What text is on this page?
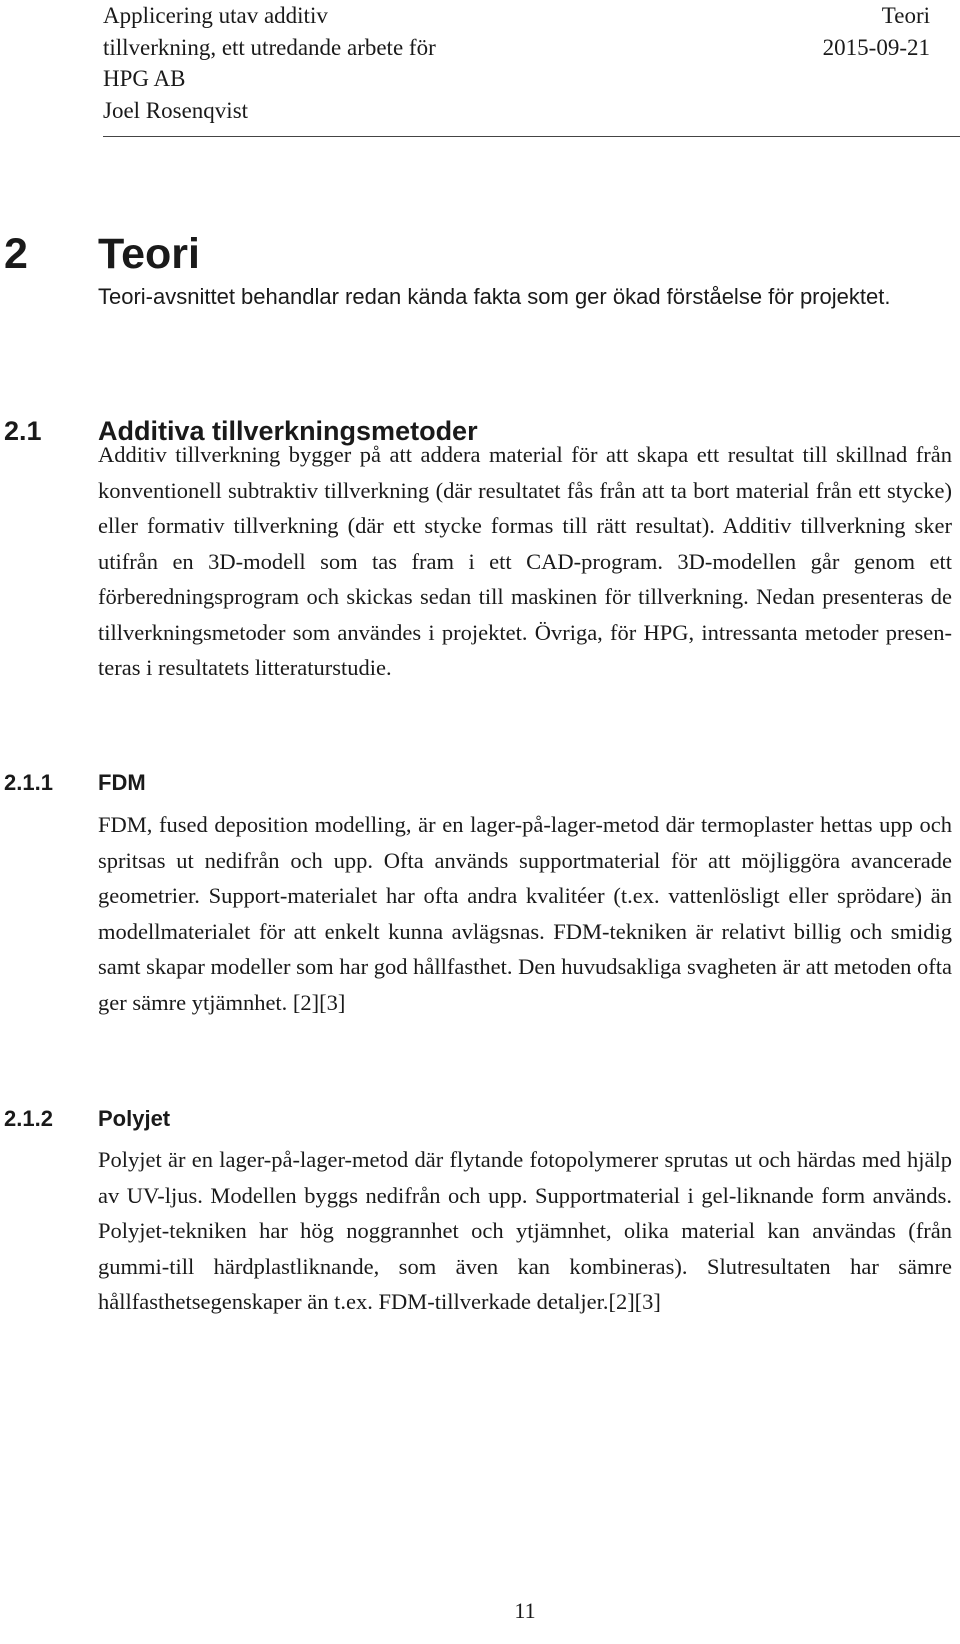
Applicering utav additiv
tillverkning, ett utredande arbete för
HPG AB
Joel Rosenqvist
Teori
2015-09-21
2 Teori

Teori-avsnittet behandlar redan kända fakta som ger ökad förståelse för projektet.

2.1 Additiva tillverkningsmetoder

Additiv tillverkning bygger på att addera material för att skapa ett resultat till skillnad från konventionell subtraktiv tillverkning (där resultatet fås från att ta bort material från ett stycke) eller formativ tillverkning (där ett stycke formas till rätt resultat). Additiv tillverkning sker utifrån en 3D-modell som tas fram i ett CAD-program. 3D-modellen går genom ett förberedningsprogram och skickas sedan till maskinen för tillverkning. Nedan presenteras de tillverkningsmetoder som användes i projektet. Övriga, för HPG, intressanta metoder presen-teras i resultatets litteraturstudie.

2.1.1 FDM

FDM, fused deposition modelling, är en lager-på-lager-metod där termoplaster hettas upp och spritsas ut nedifrån och upp. Ofta används supportmaterial för att möjliggöra avancerade geometrier. Support-materialet har ofta andra kvalitéer (t.ex. vattenlösligt eller sprödare) än modellmaterialet för att enkelt kunna avlägsnas. FDM-tekniken är relativt billig och smidig samt skapar modeller som har god hållfasthet. Den huvudsakliga svagheten är att metoden ofta ger sämre ytjämnhet. [2][3]

2.1.2 Polyjet

Polyjet är en lager-på-lager-metod där flytande fotopolymerer sprutas ut och härdas med hjälp av UV-ljus. Modellen byggs nedifrån och upp. Supportmaterial i gel-liknande form används. Polyjet-tekniken har hög noggrannhet och ytjämnhet, olika material kan användas (från gummi-till härdplastliknande, som även kan kombineras). Slutresultaten har sämre hållfasthetsegenskaper än t.ex. FDM-tillverkade detaljer.[2][3]

11
